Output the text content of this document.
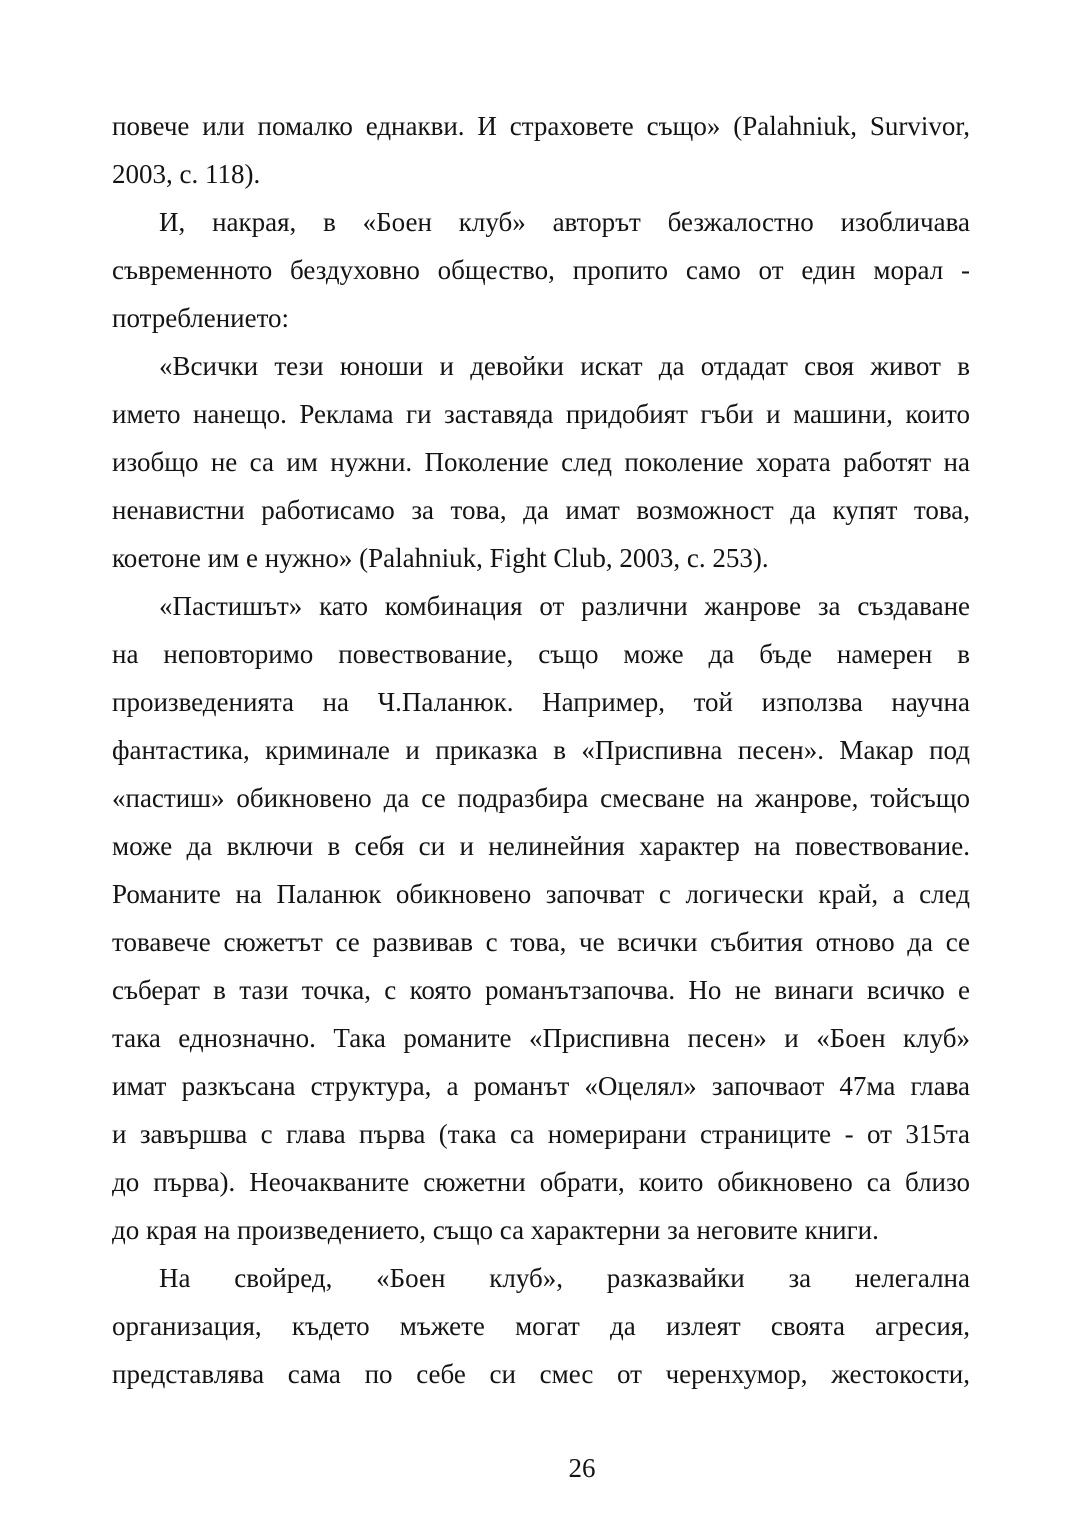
повече или помалко еднакви. И страховете също» (Palahniuk, Survivor,
2003, с. 118).
И, накрая, в «Боен клуб» авторът безжалостно изобличава
съвременното бездуховно общество, пропито само от един морал -
потреблението:
«Всички тези юноши и девойки искат да отдадат своя живот в
името нанещо. Реклама ги заставяда придобият гъби и машини, които
изобщо не са им нужни. Поколение след поколение хората работят на
ненавистни работисамо за това, да имат возможност да купят това,
коетоне им е нужно» (Palahniuk, Fight Club, 2003, с. 253).
«Пастишът» като комбинация от различни жанрове за създаване
на неповторимо повествование, също може да бъде намерен в
произведенията на Ч.Паланюк. Например, той използва научна
фантастика, криминале и приказка в «Приспивна песен». Макар под
«пастиш» обикновено да се подразбира смесване на жанрове, тойсъщо
може да включи в себя си и нелинейния характер на повествование.
Романите на Паланюк обикновено започват с логически край, а след
товавече сюжетът се развивав с това, че всички събития отново да се
съберат в тази точка, с която романътзапочва. Но не винаги всичко е
така еднозначно. Така романите «Приспивна песен» и «Боен клуб»
имат разкъсана структура, а романът «Оцелял» започваот 47ма глава
и завършва с глава първа (така са номерирани страниците - от 315та
до първа). Неочакваните сюжетни обрати, които обикновено са близо
до края на произведението, също са характерни за неговите книги.
На свойред, «Боен клуб», разказвайки за нелегална
организация, където мъжете могат да излеят своята агресия,
представлява сама по себе си смес от черенхумор, жестокости,
26
